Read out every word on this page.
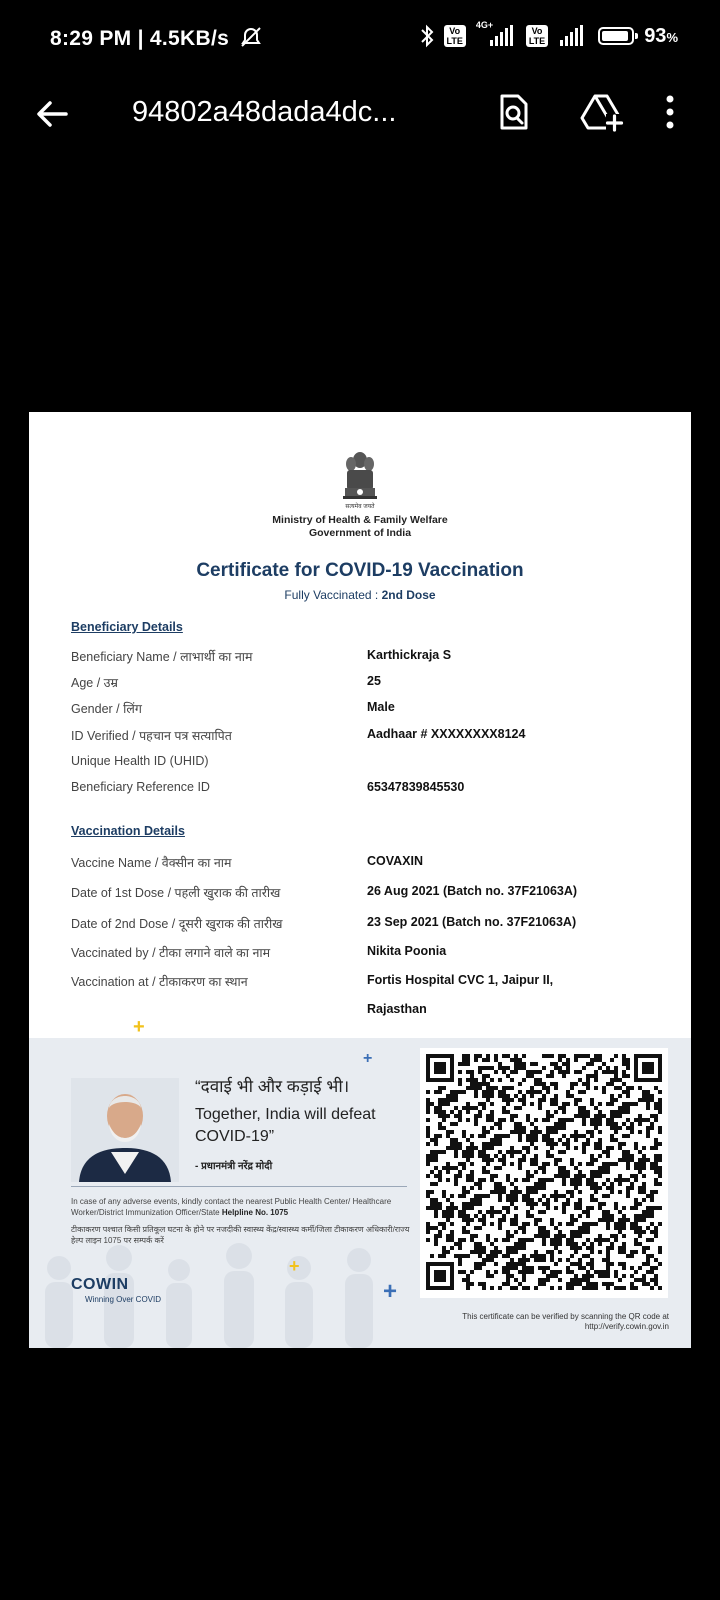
8:29 PM | 4.5KB/s	Vo
LTE
4G+
Vo
LTE	93%
94802a48dada4dc...
सत्यमेव जयते
Ministry of Health & Family Welfare
Government of India
Certificate for COVID-19 Vaccination
Fully Vaccinated : 2nd Dose
Beneficiary Details
Beneficiary Name / लाभार्थी का नाम	Karthickraja S
Age / उम्र	25
Gender / लिंग	Male
ID Verified / पहचान पत्र सत्यापित	Aadhaar # XXXXXXXX8124
Unique Health ID (UHID)
Beneficiary Reference ID	65347839845530
Vaccination Details
Vaccine Name / वैक्सीन का नाम	COVAXIN
Date of 1st Dose / पहली खुराक की तारीख	26 Aug 2021 (Batch no. 37F21063A)
Date of 2nd Dose / दूसरी खुराक की तारीख	23 Sep 2021 (Batch no. 37F21063A)
Vaccinated by / टीका लगाने वाले का नाम	Nikita Poonia
Vaccination at / टीकाकरण का स्थान	Fortis Hospital CVC 1, Jaipur II,
Rajasthan
+
“दवाई भी और कड़ाई भी।
Together, India will defeat
COVID-19”
- प्रधानमंत्री नरेंद्र मोदी
+
In case of any adverse events, kindly contact the nearest Public Health Center/ Healthcare Worker/District Immunization Officer/State Helpline No. 1075
टीकाकरण पश्चात किसी प्रतिकूल घटना के होने पर नजदीकी स्वास्थ्य केंद्र/स्वास्थ्य कर्मी/जिला टीकाकरण अधिकारी/राज्य हेल्प लाइन 1075 पर सम्पर्क करें
+
+
COWIN
Winning Over COVID
This certificate can be verified by scanning the QR code at http://verify.cowin.gov.in
